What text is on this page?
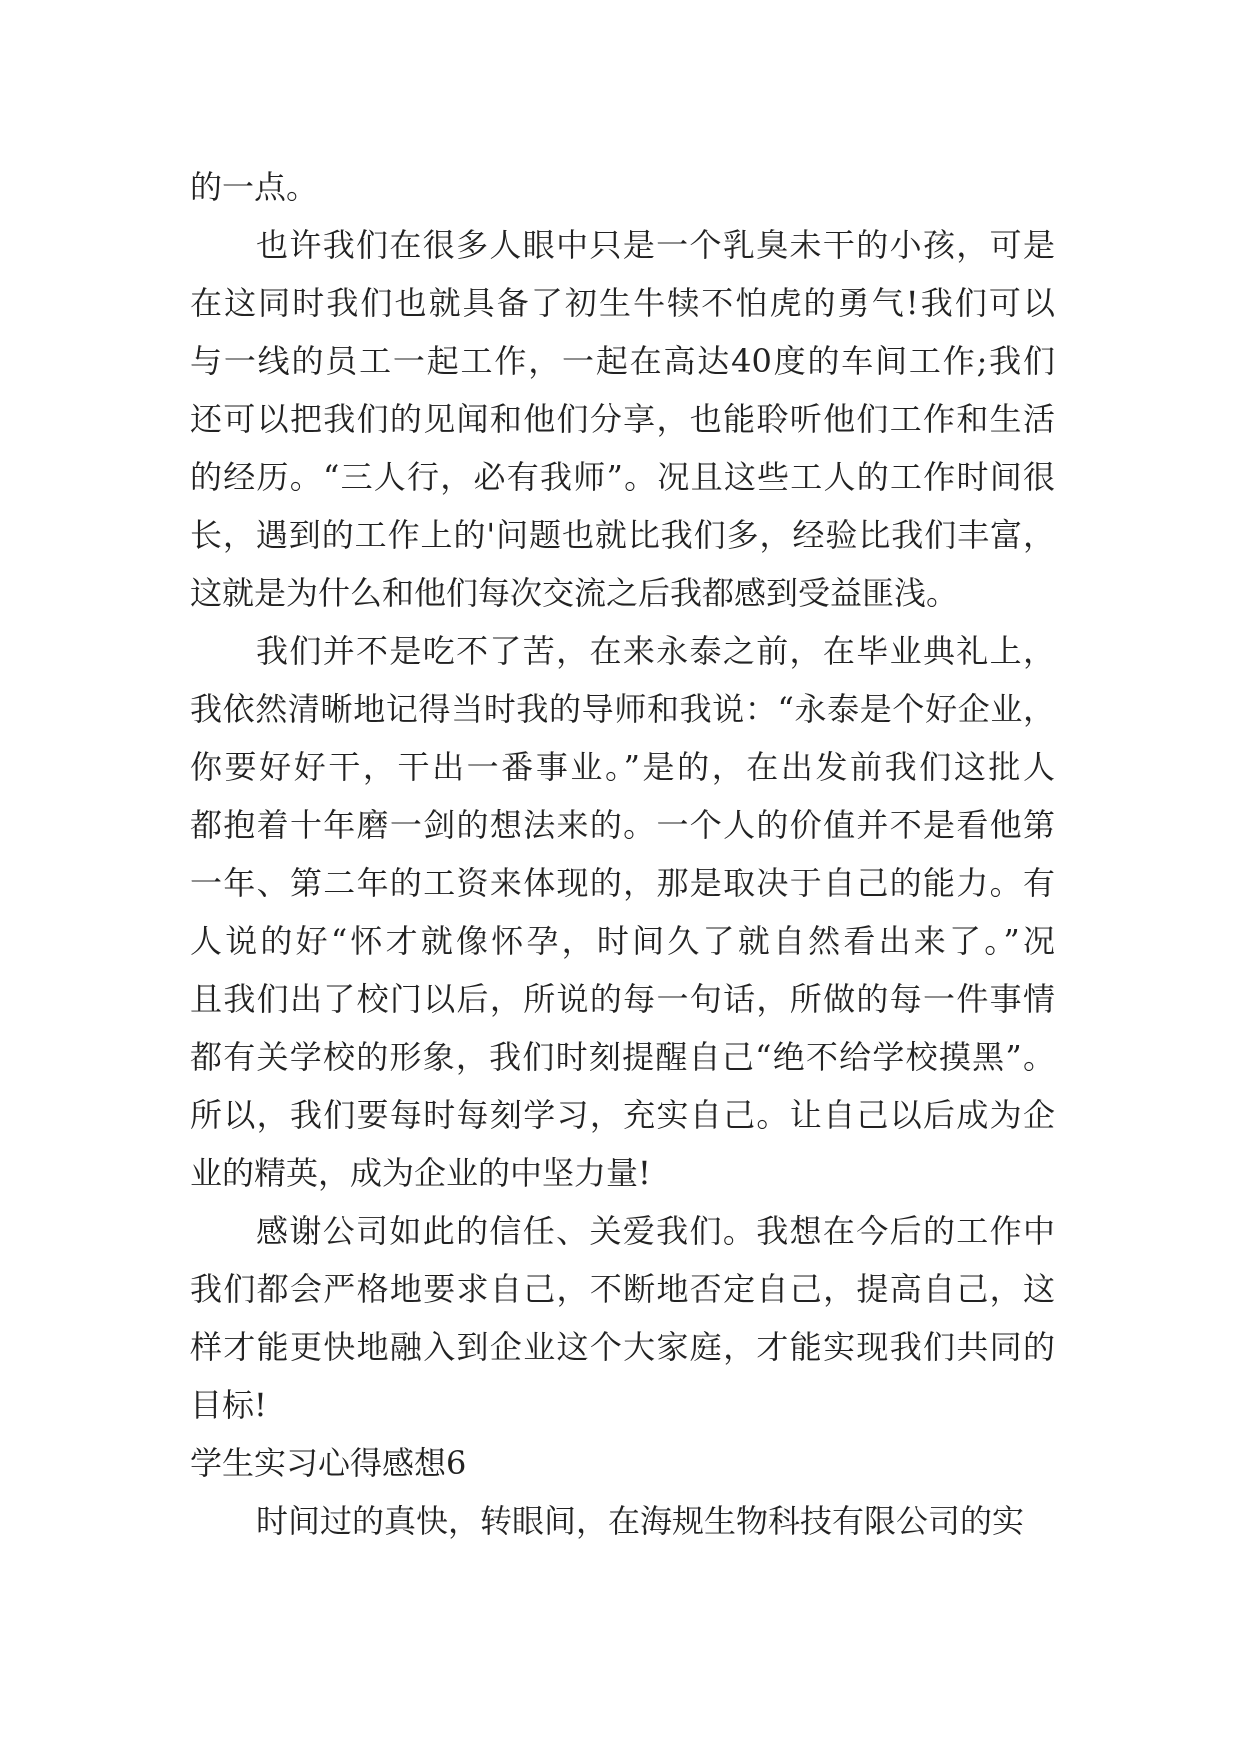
的一点。
也许我们在很多人眼中只是一个乳臭未干的小孩，可是
在这同时我们也就具备了初生牛犊不怕虎的勇气!我们可以
与一线的员工一起工作，一起在高达40度的车间工作;我们
还可以把我们的见闻和他们分享，也能聆听他们工作和生活
的经历。“三人行，必有我师”。况且这些工人的工作时间很
长，遇到的工作上的'问题也就比我们多，经验比我们丰富，
这就是为什么和他们每次交流之后我都感到受益匪浅。
我们并不是吃不了苦，在来永泰之前，在毕业典礼上，
我依然清晰地记得当时我的导师和我说：“永泰是个好企业，
你要好好干，干出一番事业。”是的，在出发前我们这批人
都抱着十年磨一剑的想法来的。一个人的价值并不是看他第
一年、第二年的工资来体现的，那是取决于自己的能力。有
人说的好“怀才就像怀孕，时间久了就自然看出来了。”况
且我们出了校门以后，所说的每一句话，所做的每一件事情
都有关学校的形象，我们时刻提醒自己“绝不给学校摸黑”。
所以，我们要每时每刻学习，充实自己。让自己以后成为企
业的精英，成为企业的中坚力量!
感谢公司如此的信任、关爱我们。我想在今后的工作中
我们都会严格地要求自己，不断地否定自己，提高自己，这
样才能更快地融入到企业这个大家庭，才能实现我们共同的
目标!
学生实习心得感想6
时间过的真快，转眼间，在海规生物科技有限公司的实
